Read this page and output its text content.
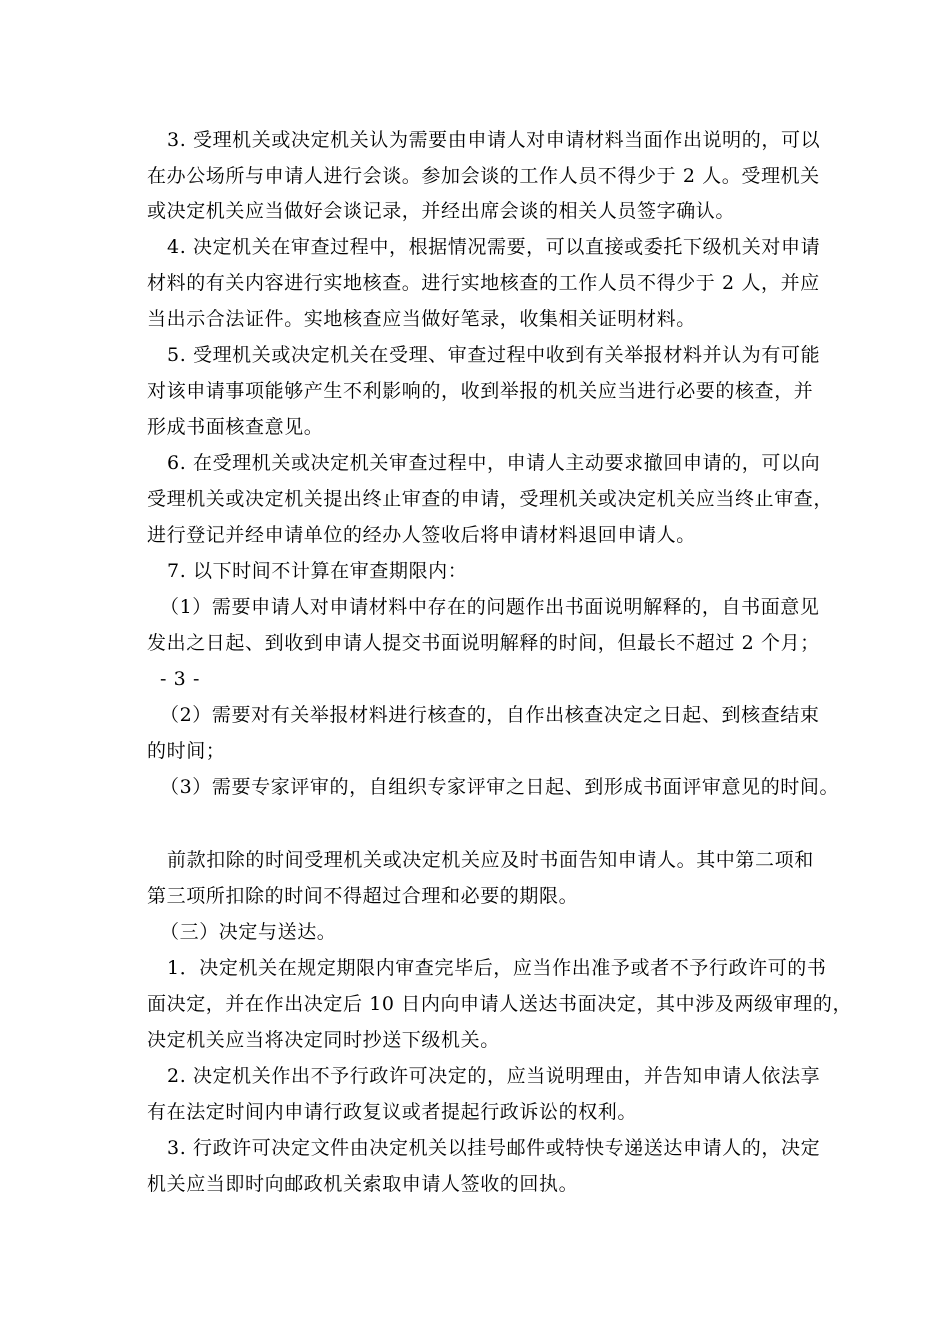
3. 受理机关或决定机关认为需要由申请人对申请材料当面作出说明的，可以
在办公场所与申请人进行会谈。参加会谈的工作人员不得少于 2 人。受理机关
或决定机关应当做好会谈记录，并经出席会谈的相关人员签字确认。
4. 决定机关在审查过程中，根据情况需要，可以直接或委托下级机关对申请
材料的有关内容进行实地核查。进行实地核查的工作人员不得少于 2 人，并应
当出示合法证件。实地核查应当做好笔录，收集相关证明材料。
5. 受理机关或决定机关在受理、审查过程中收到有关举报材料并认为有可能
对该申请事项能够产生不利影响的，收到举报的机关应当进行必要的核查，并
形成书面核查意见。
6. 在受理机关或决定机关审查过程中，申请人主动要求撤回申请的，可以向
受理机关或决定机关提出终止审查的申请，受理机关或决定机关应当终止审查，
进行登记并经申请单位的经办人签收后将申请材料退回申请人。
7. 以下时间不计算在审查期限内：
（1）需要申请人对申请材料中存在的问题作出书面说明解释的，自书面意见
发出之日起、到收到申请人提交书面说明解释的时间，但最长不超过 2 个月；
- 3 -
（2）需要对有关举报材料进行核查的，自作出核查决定之日起、到核查结束
的时间；
（3）需要专家评审的，自组织专家评审之日起、到形成书面评审意见的时间。
前款扣除的时间受理机关或决定机关应及时书面告知申请人。其中第二项和
第三项所扣除的时间不得超过合理和必要的期限。
（三）决定与送达。
1．决定机关在规定期限内审查完毕后，应当作出准予或者不予行政许可的书
面决定，并在作出决定后 10 日内向申请人送达书面决定，其中涉及两级审理的，
决定机关应当将决定同时抄送下级机关。
2. 决定机关作出不予行政许可决定的，应当说明理由，并告知申请人依法享
有在法定时间内申请行政复议或者提起行政诉讼的权利。
3. 行政许可决定文件由决定机关以挂号邮件或特快专递送达申请人的，决定
机关应当即时向邮政机关索取申请人签收的回执。
